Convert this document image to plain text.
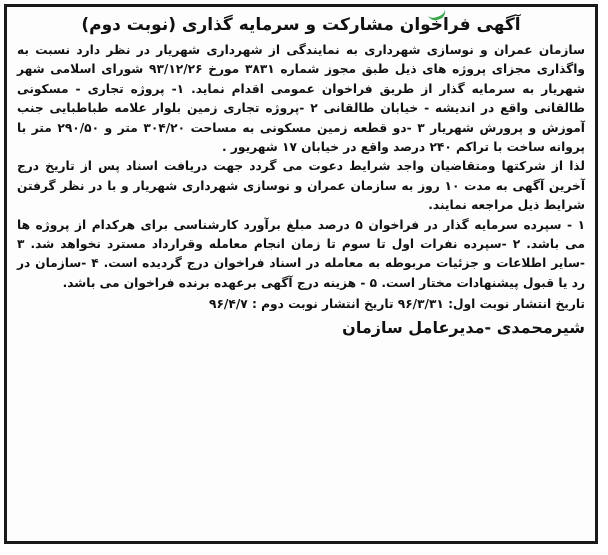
آگهی فراخوان مشارکت و سرمایه گذاری (نوبت دوم)

سازمان عمران و نوسازی شهرداری به نمایندگی از شهرداری شهریار در نظر دارد نسبت به واگذاری مجزای پروژه های ذیل طبق مجوز شماره ۳۸۳۱ مورخ ۹۳/۱۲/۲۶ شورای اسلامی شهر شهریار به سرمایه گذار از طریق فراخوان عمومی اقدام نماید. ۱- پروژه تجاری - مسکونی طالقانی واقع در اندیشه - خیابان طالقانی ۲ -پروژه تجاری زمین بلوار علامه طباطبایی جنب آموزش و پرورش شهریار ۳ -دو قطعه زمین مسکونی به مساحت ۳۰۴/۲۰ متر و ۲۹۰/۵۰ متر با پروانه ساخت با تراکم ۲۴۰ درصد واقع در خیابان ۱۷ شهریور .

لذا از شرکتها ومتقاضیان واجد شرایط دعوت می گردد جهت دریافت اسناد پس از تاریخ درج آخرین آگهی به مدت ۱۰ روز به سازمان عمران و نوسازی شهرداری شهریار و با در نظر گرفتن شرایط ذیل مراجعه نمایند.

۱ - سپرده سرمایه گذار در فراخوان ۵ درصد مبلغ برآورد کارشناسی برای هرکدام از پروژه ها می باشد. ۲ -سپرده نفرات اول تا سوم تا زمان انجام معامله وقرارداد مسترد نخواهد شد. ۳ -سایر اطلاعات و جزئیات مربوطه به معامله در اسناد فراخوان درج گردیده است. ۴ -سازمان در رد یا قبول پیشنهادات مختار است. ۵ - هزینه درج آگهی برعهده برنده فراخوان می باشد.

تاریخ انتشار نوبت اول: ۹۶/۳/۳۱ تاریخ انتشار نوبت دوم : ۹۶/۴/۷
شیرمحمدی -مدیرعامل سازمان
